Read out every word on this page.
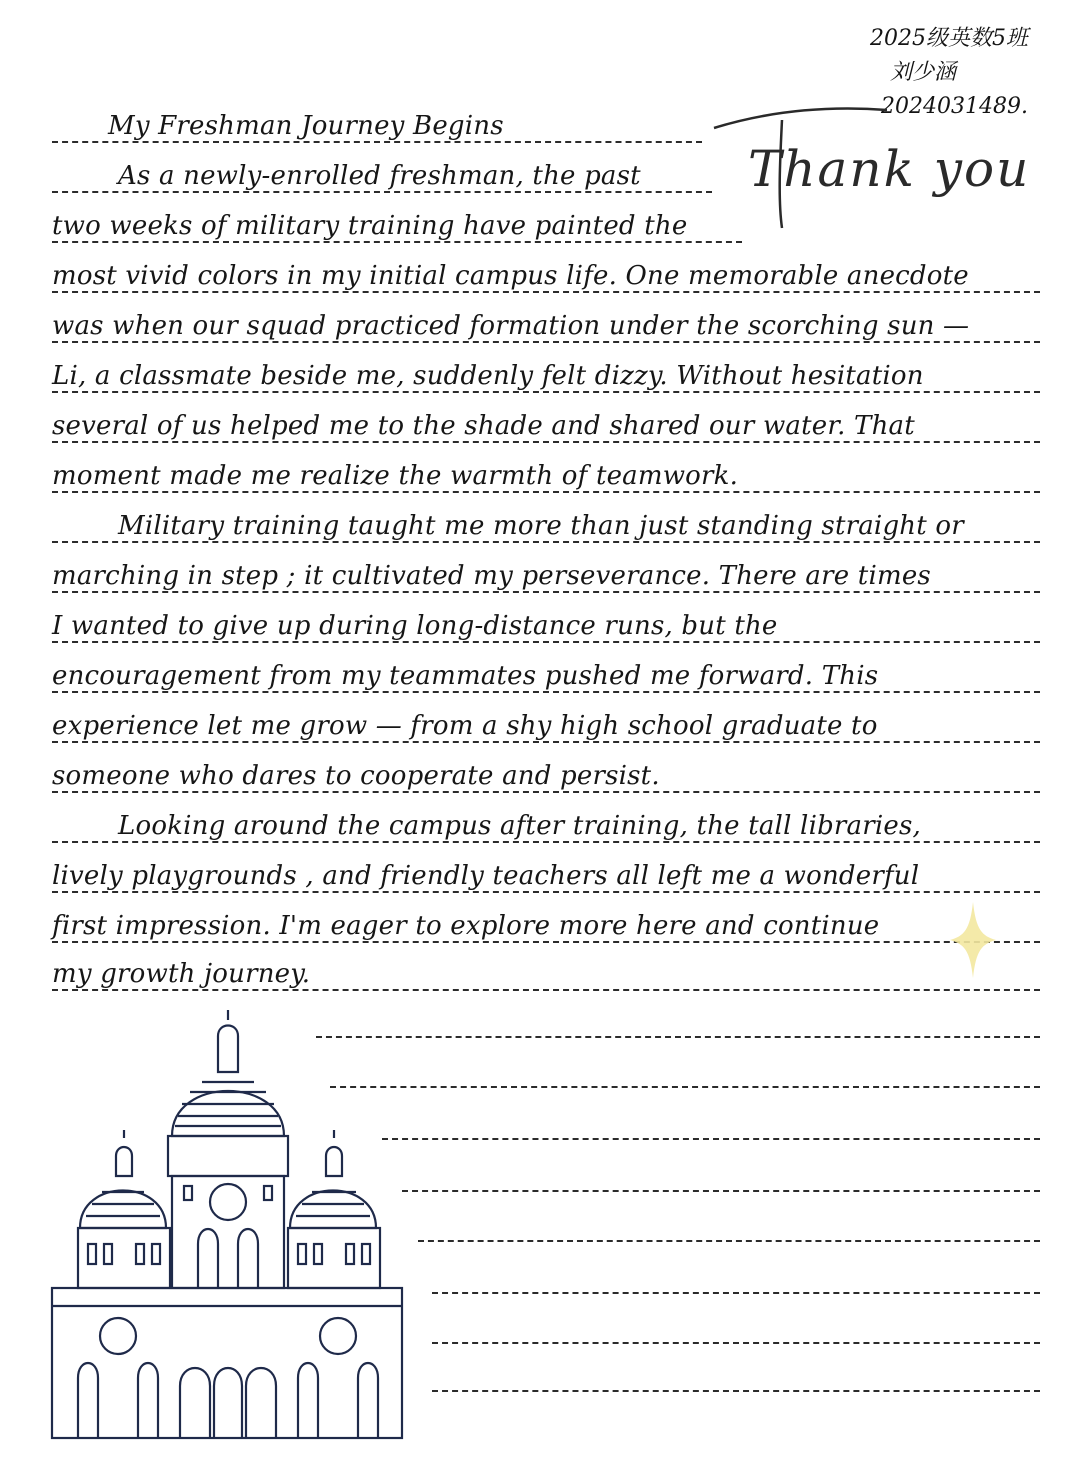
2025级英数5班
刘少涵
2024031489.
Thank you
My Freshman Journey Begins
As a newly-enrolled freshman, the past
two weeks of military training have painted the
most vivid colors in my initial campus life. One memorable anecdote
was when our squad practiced formation under the scorching sun —
Li, a classmate beside me, suddenly felt dizzy. Without hesitation
several of us helped me to the shade and shared our water. That
moment made me realize the warmth of teamwork.
Military training taught me more than just standing straight or
marching in step ; it cultivated my perseverance. There are times
I wanted to give up during long-distance runs, but the
encouragement from my teammates pushed me forward. This
experience let me grow — from a shy high school graduate to
someone who dares to cooperate and persist.
Looking around the campus after training, the tall libraries,
lively playgrounds , and friendly teachers all left me a wonderful
first impression. I'm eager to explore more here and continue
my growth journey.
